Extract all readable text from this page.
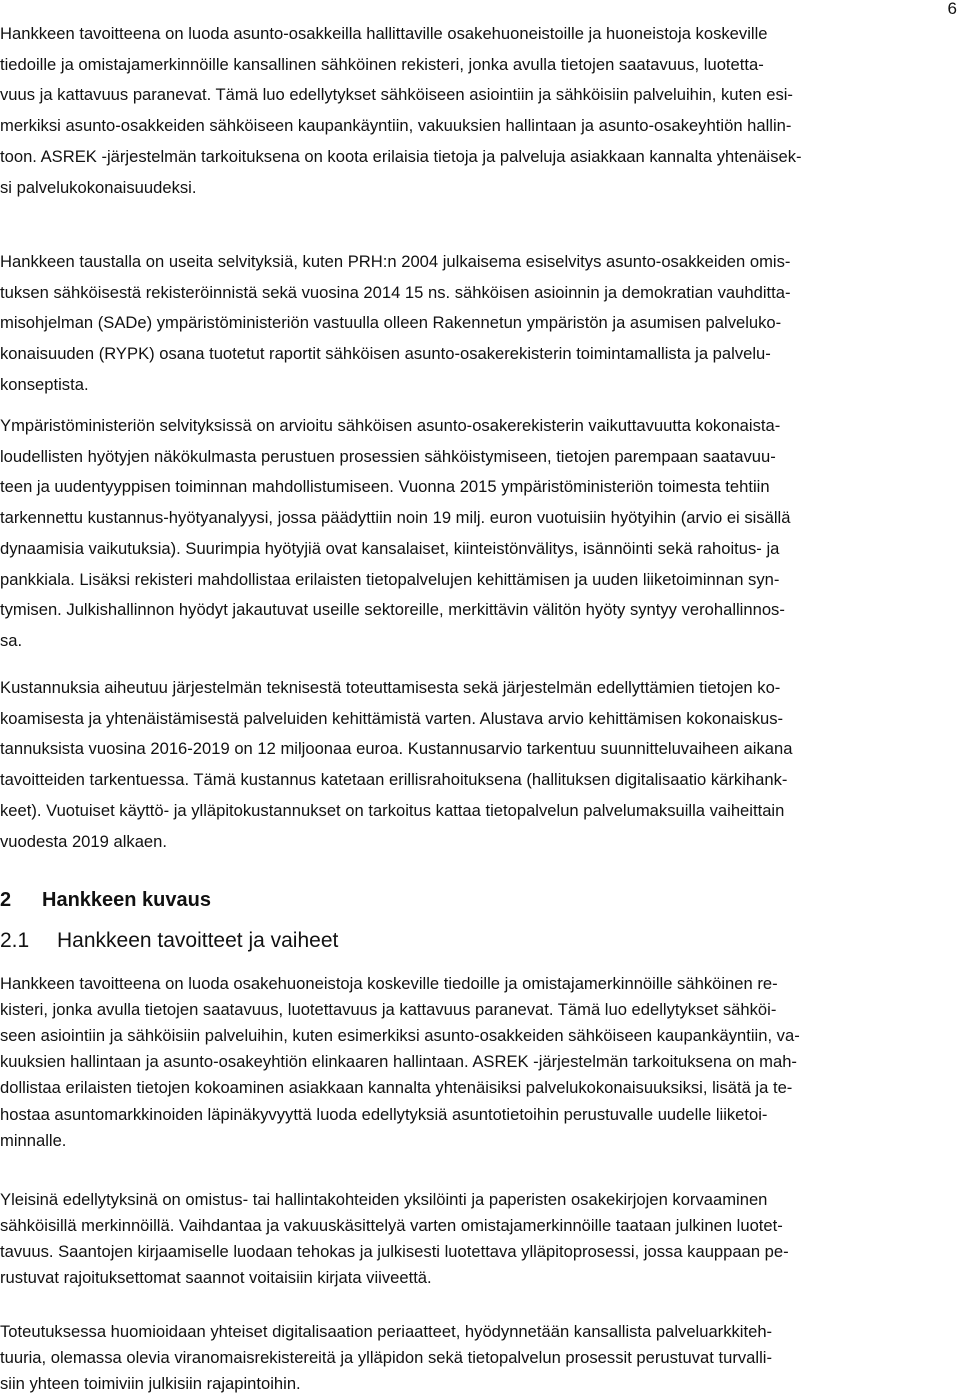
6
Hankkeen tavoitteena on luoda asunto-osakkeilla hallittaville osakehuoneistoille ja huoneistoja koskeville
tiedoille ja omistajamerkinnöille kansallinen sähköinen rekisteri, jonka avulla tietojen saatavuus, luotetta-
vuus ja kattavuus paranevat. Tämä luo edellytykset sähköiseen asiointiin ja sähköisiin palveluihin, kuten esi-
merkiksi asunto-osakkeiden sähköiseen kaupankäyntiin, vakuuksien hallintaan ja asunto-osakeyhtiön hallin-
toon. ASREK -järjestelmän tarkoituksena on koota erilaisia tietoja ja palveluja asiakkaan kannalta yhtenäisek-
si palvelukokonaisuudeksi.
Hankkeen taustalla on useita selvityksiä, kuten PRH:n 2004 julkaisema esiselvitys asunto-osakkeiden omis-
tuksen sähköisestä rekisteröinnistä sekä vuosina 2014 15 ns. sähköisen asioinnin ja demokratian vauhditta-
misohjelman (SADe) ympäristöministeriön vastuulla olleen Rakennetun ympäristön ja asumisen palveluko-
konaisuuden (RYPK) osana tuotetut raportit sähköisen asunto-osakerekisterin toimintamallista ja palvelu-
konseptista.
Ympäristöministeriön selvityksissä on arvioitu sähköisen asunto-osakerekisterin vaikuttavuutta kokonaista-
loudellisten hyötyjen näkökulmasta perustuen prosessien sähköistymiseen, tietojen parempaan saatavuu-
teen ja uudentyyppisen toiminnan mahdollistumiseen. Vuonna 2015 ympäristöministeriön toimesta tehtiin
tarkennettu kustannus-hyötyanalyysi, jossa päädyttiin noin 19 milj. euron vuotuisiin hyötyihin (arvio ei sisällä
dynaamisia vaikutuksia). Suurimpia hyötyjiä ovat kansalaiset, kiinteistönvälitys, isännöinti sekä rahoitus- ja
pankkiala. Lisäksi rekisteri mahdollistaa erilaisten tietopalvelujen kehittämisen ja uuden liiketoiminnan syn-
tymisen. Julkishallinnon hyödyt jakautuvat useille sektoreille, merkittävin välitön hyöty syntyy verohallinnos-
sa.
Kustannuksia aiheutuu järjestelmän teknisestä toteuttamisesta sekä järjestelmän edellyttämien tietojen ko-
koamisesta ja yhtenäistämisestä palveluiden kehittämistä varten. Alustava arvio kehittämisen kokonaiskus-
tannuksista vuosina 2016-2019 on 12 miljoonaa euroa. Kustannusarvio tarkentuu suunnitteluvaiheen aikana
tavoitteiden tarkentuessa. Tämä kustannus katetaan erillisrahoituksena (hallituksen digitalisaatio kärkihank-
keet). Vuotuiset käyttö- ja ylläpitokustannukset on tarkoitus kattaa tietopalvelun palvelumaksuilla vaiheittain
vuodesta 2019 alkaen.
2 Hankkeen kuvaus
2.1 Hankkeen tavoitteet ja vaiheet
Hankkeen tavoitteena on luoda osakehuoneistoja koskeville tiedoille ja omistajamerkinnöille sähköinen re-
kisteri, jonka avulla tietojen saatavuus, luotettavuus ja kattavuus paranevat. Tämä luo edellytykset sähköi-
seen asiointiin ja sähköisiin palveluihin, kuten esimerkiksi asunto-osakkeiden sähköiseen kaupankäyntiin, va-
kuuksien hallintaan ja asunto-osakeyhtiön elinkaaren hallintaan. ASREK -järjestelmän tarkoituksena on mah-
dollistaa erilaisten tietojen kokoaminen asiakkaan kannalta yhtenäisiksi palvelukokonaisuuksiksi, lisätä ja te-
hostaa asuntomarkkinoiden läpinäkyvyyttä luoda edellytyksiä asuntotietoihin perustuvalle uudelle liiketoi-
minnalle.
Yleisinä edellytyksinä on omistus- tai hallintakohteiden yksilöinti ja paperisten osakekirjojen korvaaminen
sähköisillä merkinnöillä. Vaihdantaa ja vakuuskäsittelyä varten omistajamerkinnöille taataan julkinen luotet-
tavuus. Saantojen kirjaamiselle luodaan tehokas ja julkisesti luotettava ylläpitoprosessi, jossa kauppaan pe-
rustuvat rajoituksettomat saannot voitaisiin kirjata viiveettä.
Toteutuksessa huomioidaan yhteiset digitalisaation periaatteet, hyödynnetään kansallista palveluarkkiteh-
tuuria, olemassa olevia viranomaisrekistereitä ja ylläpidon sekä tietopalvelun prosessit perustuvat turvalli-
siin yhteen toimiviin julkisiin rajapintoihin.
